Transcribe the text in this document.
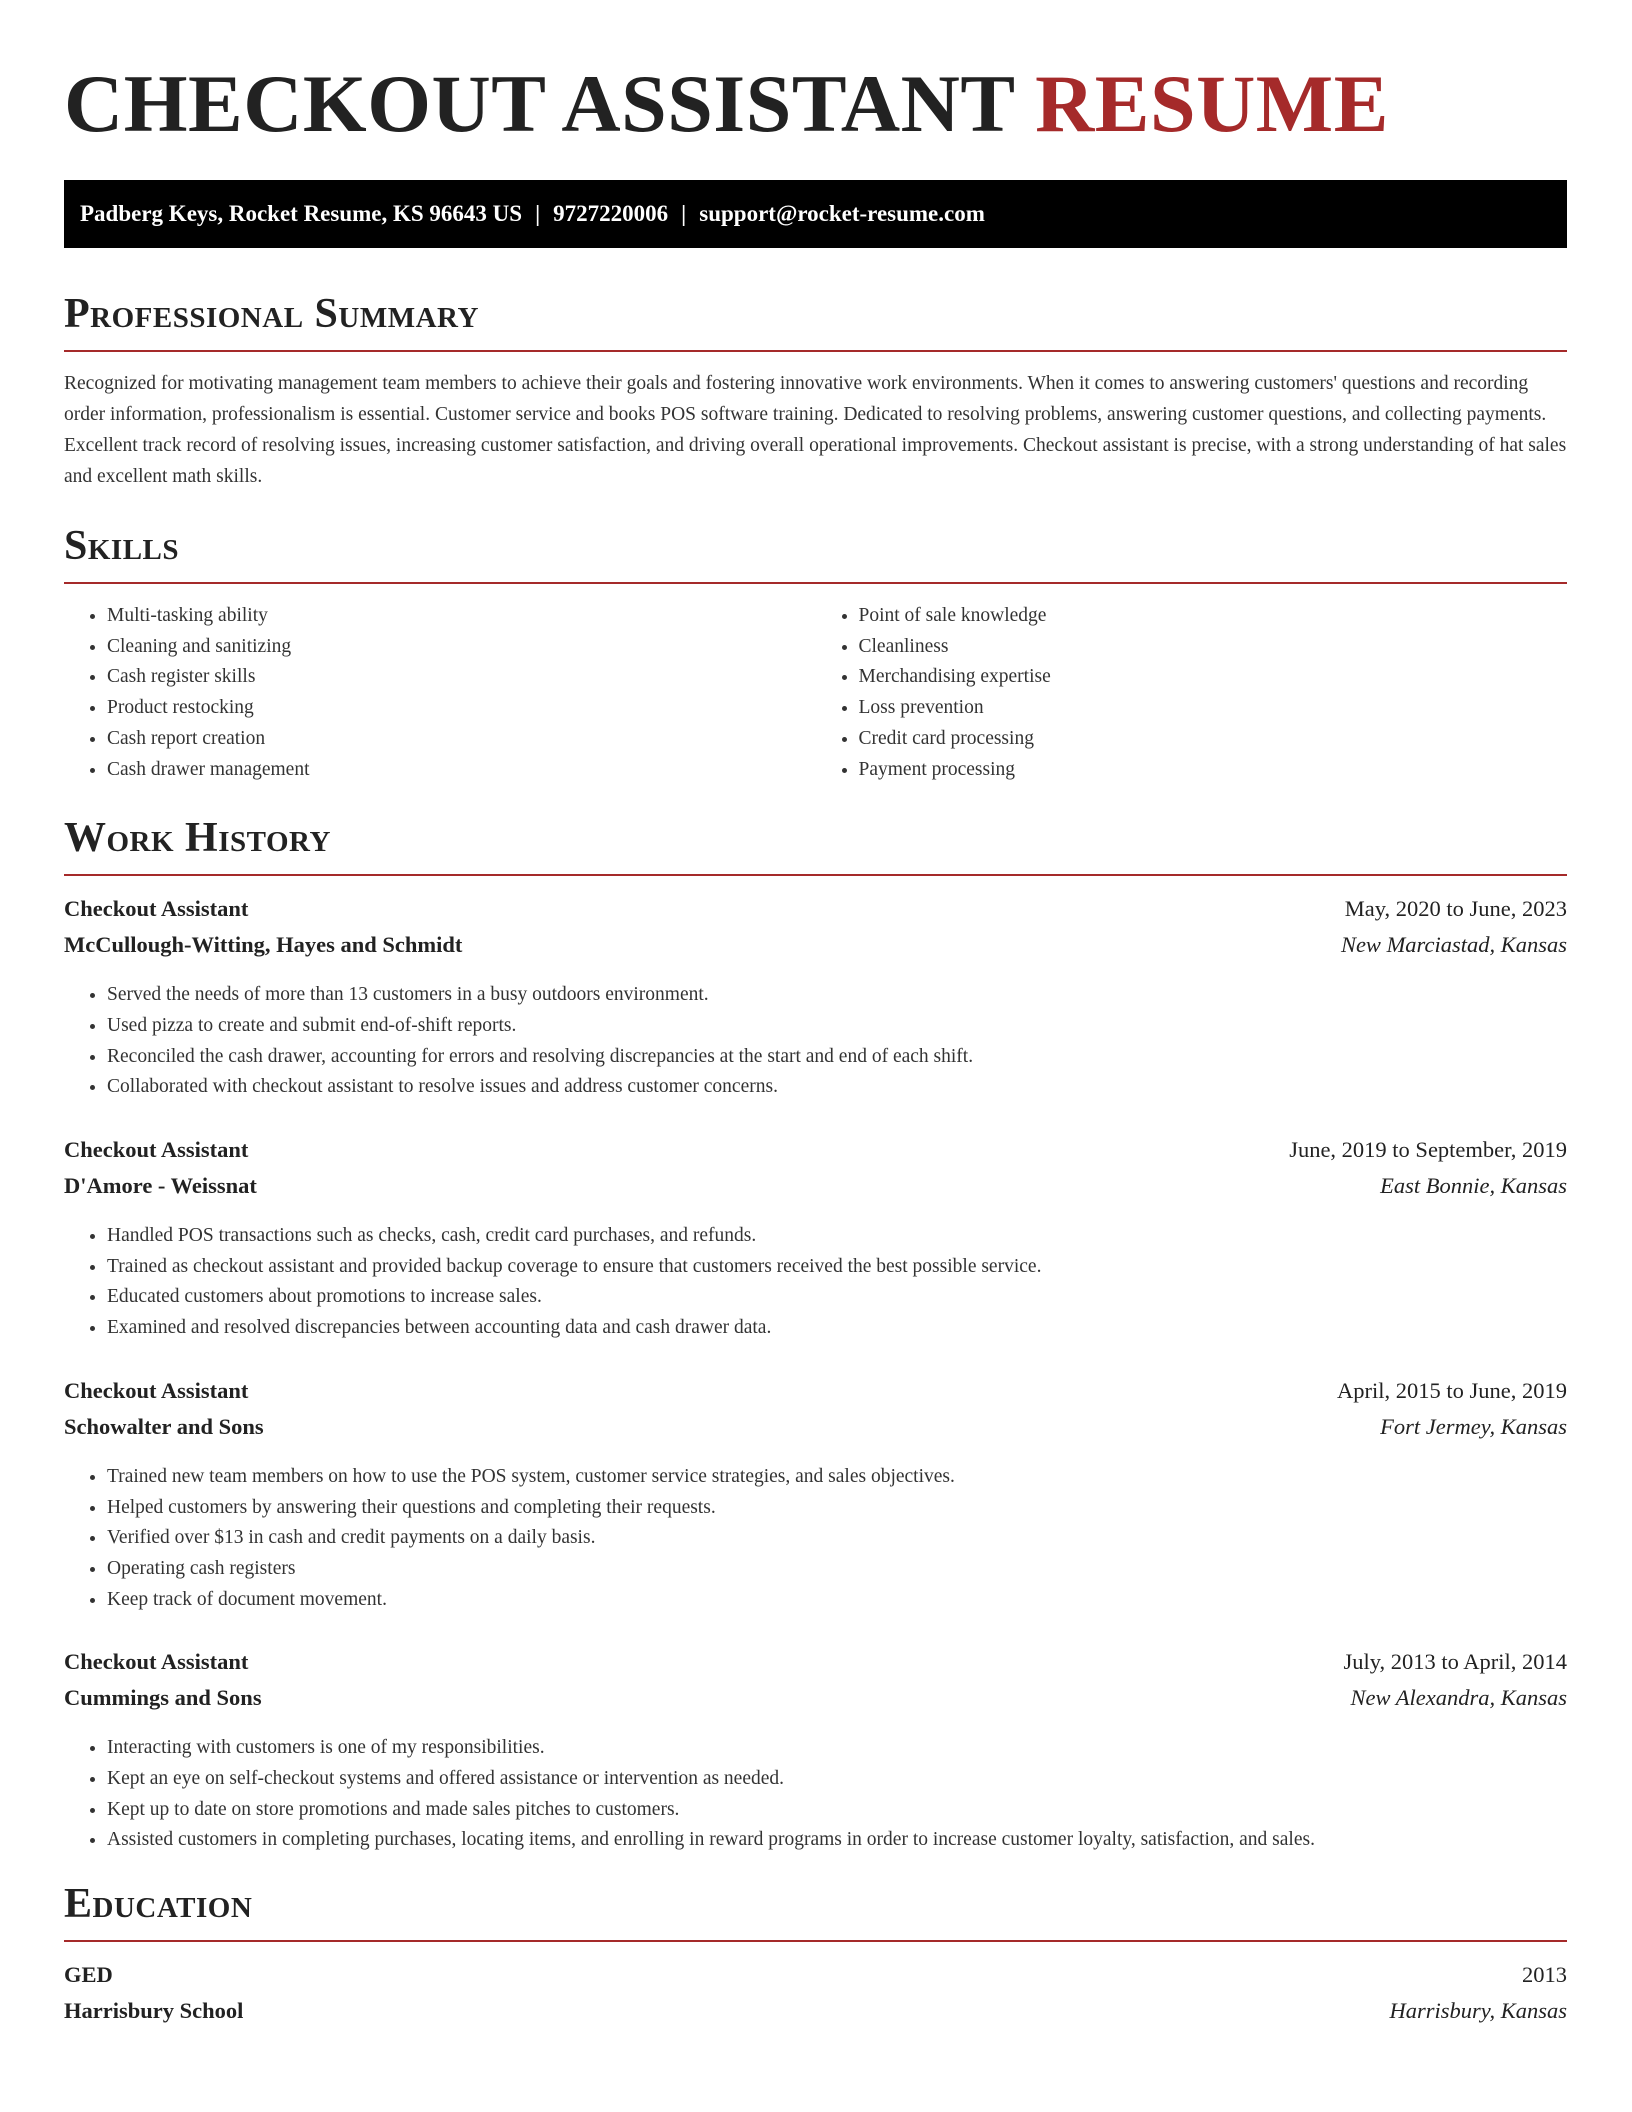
CHECKOUT ASSISTANT RESUME
Padberg Keys, Rocket Resume, KS 96643 US | 9727220006 | support@rocket-resume.com
Professional Summary

Recognized for motivating management team members to achieve their goals and fostering innovative work environments. When it comes to answering customers' questions and recording order information, professionalism is essential. Customer service and books POS software training. Dedicated to resolving problems, answering customer questions, and collecting payments. Excellent track record of resolving issues, increasing customer satisfaction, and driving overall operational improvements. Checkout assistant is precise, with a strong understanding of hat sales and excellent math skills.

Skills
• Multi-tasking ability
• Cleaning and sanitizing
• Cash register skills
• Product restocking
• Cash report creation
• Cash drawer management
• Point of sale knowledge
• Cleanliness
• Merchandising expertise
• Loss prevention
• Credit card processing
• Payment processing
Work History
Checkout Assistant	May, 2020 to June, 2023
McCullough-Witting, Hayes and Schmidt	New Marciastad, Kansas
• Served the needs of more than 13 customers in a busy outdoors environment.
• Used pizza to create and submit end-of-shift reports.
• Reconciled the cash drawer, accounting for errors and resolving discrepancies at the start and end of each shift.
• Collaborated with checkout assistant to resolve issues and address customer concerns.
Checkout Assistant	June, 2019 to September, 2019
D'Amore - Weissnat	East Bonnie, Kansas
• Handled POS transactions such as checks, cash, credit card purchases, and refunds.
• Trained as checkout assistant and provided backup coverage to ensure that customers received the best possible service.
• Educated customers about promotions to increase sales.
• Examined and resolved discrepancies between accounting data and cash drawer data.
Checkout Assistant	April, 2015 to June, 2019
Schowalter and Sons	Fort Jermey, Kansas
• Trained new team members on how to use the POS system, customer service strategies, and sales objectives.
• Helped customers by answering their questions and completing their requests.
• Verified over $13 in cash and credit payments on a daily basis.
• Operating cash registers
• Keep track of document movement.
Checkout Assistant	July, 2013 to April, 2014
Cummings and Sons	New Alexandra, Kansas
• Interacting with customers is one of my responsibilities.
• Kept an eye on self-checkout systems and offered assistance or intervention as needed.
• Kept up to date on store promotions and made sales pitches to customers.
• Assisted customers in completing purchases, locating items, and enrolling in reward programs in order to increase customer loyalty, satisfaction, and sales.
Education
GED	2013
Harrisbury School	Harrisbury, Kansas
